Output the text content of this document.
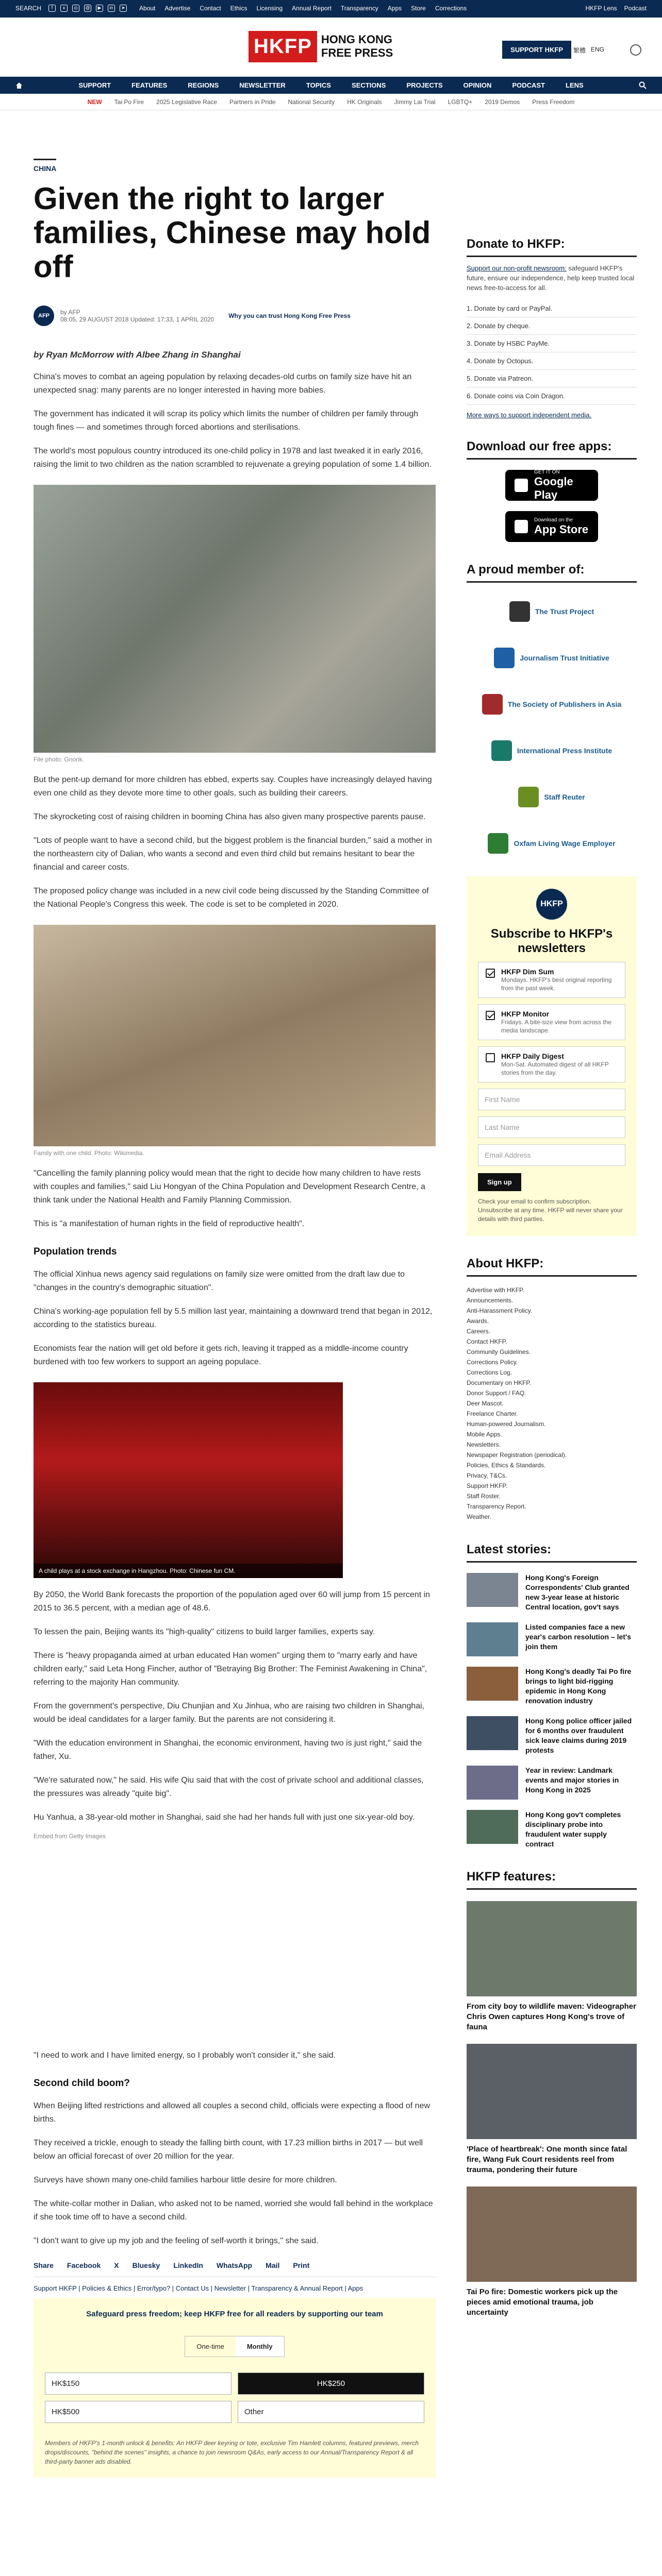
SEARCH	f	x	◎	@	▶	in	➤ About Advertise Contact Ethics Licensing Annual Report Transparency Apps Store Corrections	HKFP Lens Podcast
HKFP HONG KONG
FREE PRESS	SUPPORT HKFP	繁體 ENG
SUPPORT	FEATURES	REGIONS	NEWSLETTER	TOPICS	SECTIONS	PROJECTS	OPINION	PODCAST	LENS
NEW Tai Po Fire 2025 Legislative Race Partners in Pride National Security HK Originals Jimmy Lai Trial LGBTQ+ 2019 Demos Press Freedom
CHINA
Given the right to larger families, Chinese may hold off
AFP	by AFP
08:05, 29 AUGUST 2018 Updated: 17:33, 1 APRIL 2020 Why you can trust Hong Kong Free Press
by Ryan McMorrow with Albee Zhang in Shanghai

China's moves to combat an ageing population by relaxing decades-old curbs on family size have hit an unexpected snag: many parents are no longer interested in having more babies.

The government has indicated it will scrap its policy which limits the number of children per family through tough fines — and sometimes through forced abortions and sterilisations.

The world's most populous country introduced its one-child policy in 1978 and last tweaked it in early 2016, raising the limit to two children as the nation scrambled to rejuvenate a greying population of some 1.4 billion.

File photo: Gnonk.

But the pent-up demand for more children has ebbed, experts say. Couples have increasingly delayed having even one child as they devote more time to other goals, such as building their careers.

The skyrocketing cost of raising children in booming China has also given many prospective parents pause.

"Lots of people want to have a second child, but the biggest problem is the financial burden," said a mother in the northeastern city of Dalian, who wants a second and even third child but remains hesitant to bear the financial and career costs.

The proposed policy change was included in a new civil code being discussed by the Standing Committee of the National People's Congress this week. The code is set to be completed in 2020.

Family with one child. Photo: Wikimedia.

"Cancelling the family planning policy would mean that the right to decide how many children to have rests with couples and families," said Liu Hongyan of the China Population and Development Research Centre, a think tank under the National Health and Family Planning Commission.

This is "a manifestation of human rights in the field of reproductive health".

Population trends

The official Xinhua news agency said regulations on family size were omitted from the draft law due to "changes in the country's demographic situation".

China's working-age population fell by 5.5 million last year, maintaining a downward trend that began in 2012, according to the statistics bureau.

Economists fear the nation will get old before it gets rich, leaving it trapped as a middle-income country burdened with too few workers to support an ageing populace.

A child plays at a stock exchange in Hangzhou. Photo: Chinese fun CM.

By 2050, the World Bank forecasts the proportion of the population aged over 60 will jump from 15 percent in 2015 to 36.5 percent, with a median age of 48.6.

To lessen the pain, Beijing wants its "high-quality" citizens to build larger families, experts say.

There is "heavy propaganda aimed at urban educated Han women" urging them to "marry early and have children early," said Leta Hong Fincher, author of "Betraying Big Brother: The Feminist Awakening in China", referring to the majority Han community.

From the government's perspective, Diu Chunjian and Xu Jinhua, who are raising two children in Shanghai, would be ideal candidates for a larger family. But the parents are not considering it.

"With the education environment in Shanghai, the economic environment, having two is just right," said the father, Xu.

"We're saturated now," he said. His wife Qiu said that with the cost of private school and additional classes, the pressures was already "quite big".

Hu Yanhua, a 38-year-old mother in Shanghai, said she had her hands full with just one six-year-old boy.

Embed from Getty Images

"I need to work and I have limited energy, so I probably won't consider it," she said.

Second child boom?

When Beijing lifted restrictions and allowed all couples a second child, officials were expecting a flood of new births.

They received a trickle, enough to steady the falling birth count, with 17.23 million births in 2017 — but well below an official forecast of over 20 million for the year.

Surveys have shown many one-child families harbour little desire for more children.

The white-collar mother in Dalian, who asked not to be named, worried she would fall behind in the workplace if she took time off to have a second child.

"I don't want to give up my job and the feeling of self-worth it brings," she said.

Share Facebook X Bluesky LinkedIn WhatsApp Mail Print
Support HKFP | Policies & Ethics | Error/typo? | Contact Us | Newsletter | Transparency & Annual Report | Apps
Safeguard press freedom; keep HKFP free for all readers by supporting our team
One-time	Monthly
HK$150	HK$250
HK$500	Other
Members of HKFP's 1-month unlock & benefits: An HKFP deer keyring or tote, exclusive Tim Hamlett columns, featured previews, merch drops/discounts, "behind the scenes" insights, a chance to join newsroom Q&As, early access to our Annual/Transparency Report & all third-party banner ads disabled.
Donate to HKFP:

Support our non-profit newsroom: safeguard HKFP's future, ensure our independence, help keep trusted local news free-to-access for all.

1. Donate by card or PayPal.
2. Donate by cheque.
3. Donate by HSBC PayMe.
4. Donate by Octopus.
5. Donate via Patreon.
6. Donate coins via Coin Dragon.
More ways to support independent media.
Download our free apps:
GET IT ON
Google Play
Download on the
App Store
A proud member of:
The Trust Project
Journalism Trust Initiative
The Society of Publishers in Asia
International Press Institute
Staff Reuter
Oxfam Living Wage Employer
HKFP
Subscribe to HKFP's newsletters
HKFP Dim Sum
Mondays. HKFP's best original reporting from the past week.
HKFP Monitor
Fridays. A bite-size view from across the media landscape.
HKFP Daily Digest
Mon-Sat. Automated digest of all HKFP stories from the day.
First Name
Last Name
Email Address
Sign up
Check your email to confirm subscription. Unsubscribe at any time. HKFP will never share your details with third parties.
About HKFP:
Advertise with HKFP.
Announcements.
Anti-Harassment Policy.
Awards.
Careers.
Contact HKFP.
Community Guidelines.
Corrections Policy.
Corrections Log.
Documentary on HKFP.
Donor Support / FAQ.
Deer Mascot.
Freelance Charter.
Human-powered Journalism.
Mobile Apps.
Newsletters.
Newspaper Registration (periodical).
Policies, Ethics & Standards.
Privacy, T&Cs.
Support HKFP.
Staff Roster.
Transparency Report.
Weather.
Latest stories:
Hong Kong's Foreign Correspondents' Club granted new 3-year lease at historic Central location, gov't says
Listed companies face a new year's carbon resolution – let's join them
Hong Kong's deadly Tai Po fire brings to light bid-rigging epidemic in Hong Kong renovation industry
Hong Kong police officer jailed for 6 months over fraudulent sick leave claims during 2019 protests
Year in review: Landmark events and major stories in Hong Kong in 2025
Hong Kong gov't completes disciplinary probe into fraudulent water supply contract
HKFP features:
From city boy to wildlife maven: Videographer Chris Owen captures Hong Kong's trove of fauna
'Place of heartbreak': One month since fatal fire, Wang Fuk Court residents reel from trauma, pondering their future
Tai Po fire: Domestic workers pick up the pieces amid emotional trauma, job uncertainty
